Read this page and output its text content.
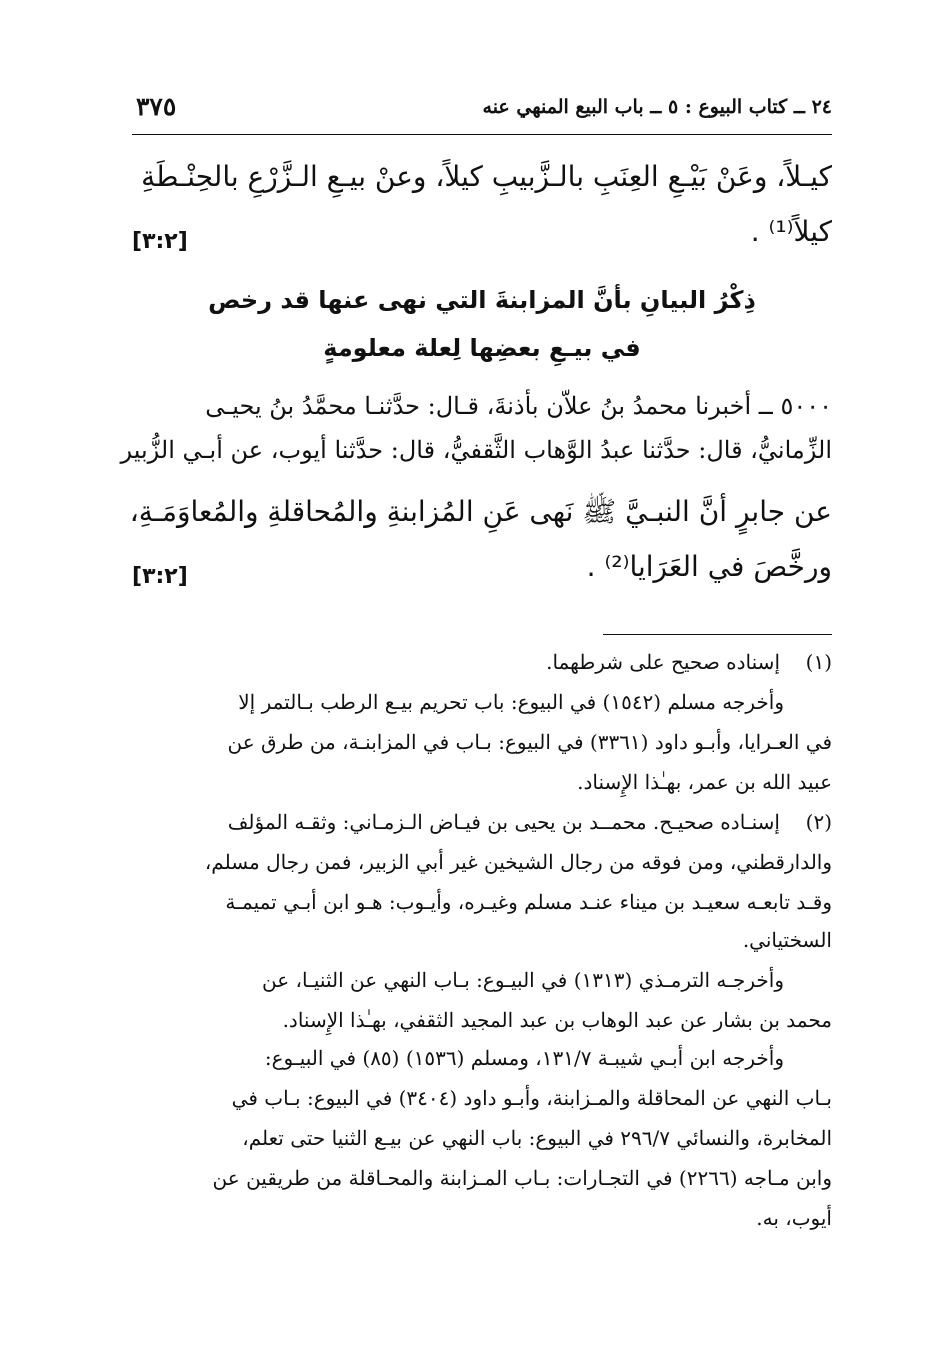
٢٤ ــ كتاب البيوع : ٥ ــ باب البيع المنهي عنه
٣٧٥
كيـلاً، وعَنْ بَيْـعِ العِنَبِ بالـزَّبيبِ كيلاً، وعنْ بيـعِ الـزَّرْعِ بالحِنْـطَةِ
كيلاً⁽¹⁾ .
[٣:٢]
ذِكْرُ البيانِ بأنَّ المزابنةَ التي نهى عنها قد رخص
في بيـعِ بعضِها لِعلة معلومةٍ
٥٠٠٠ ــ أخبرنا محمدُ بنُ علاّن بأذنةَ، قـال: حدَّثنـا محمَّدُ بنُ يحيـى
الزِّمانيُّ، قال: حدَّثنا عبدُ الوَّهاب الثَّقفيُّ، قال: حدَّثنا أيوب، عن أبـي الزُّبير
عن جابرٍ أنَّ النبـيَّ ﷺ نَهى عَنِ المُزابنةِ والمُحاقلةِ والمُعاوَمَـةِ،
ورخَّصَ في العَرَايا⁽²⁾ .
[٣:٢]
(١)
إسناده صحيح على شرطهما.
وأخرجه مسلم (١٥٤٢) في البيوع: باب تحريم بيـع الرطب بـالتمر إلا
في العـرايا، وأبـو داود (٣٣٦١) في البيوع: بـاب في المزابنـة، من طرق عن
عبيد الله بن عمر، بهـٰذا الإِسناد.
(٢)
إسنـاده صحيـح. محمــد بن يحيى بن فيـاض الـزمـاني: وثقـه المؤلف
والدارقطني، ومن فوقه من رجال الشيخين غير أبي الزبير، فمن رجال مسلم،
وقـد تابعـه سعيـد بن ميناء عنـد مسلم وغيـره، وأيـوب: هـو ابن أبـي تميمـة
السختياني.
وأخرجـه الترمـذي (١٣١٣) في البيـوع: بـاب النهي عن الثنيـا، عن
محمد بن بشار عن عبد الوهاب بن عبد المجيد الثقفي، بهـٰذا الإِسناد.
وأخرجه ابن أبـي شيبـة ١٣١/٧، ومسلم (١٥٣٦) (٨٥) في البيـوع:
بـاب النهي عن المحاقلة والمـزابنة، وأبـو داود (٣٤٠٤) في البيوع: بـاب في
المخابرة، والنسائي ٢٩٦/٧ في البيوع: باب النهي عن بيـع الثنيا حتى تعلم،
وابن مـاجه (٢٢٦٦) في التجـارات: بـاب المـزابنة والمحـاقلة من طريقين عن
أيوب، به.
